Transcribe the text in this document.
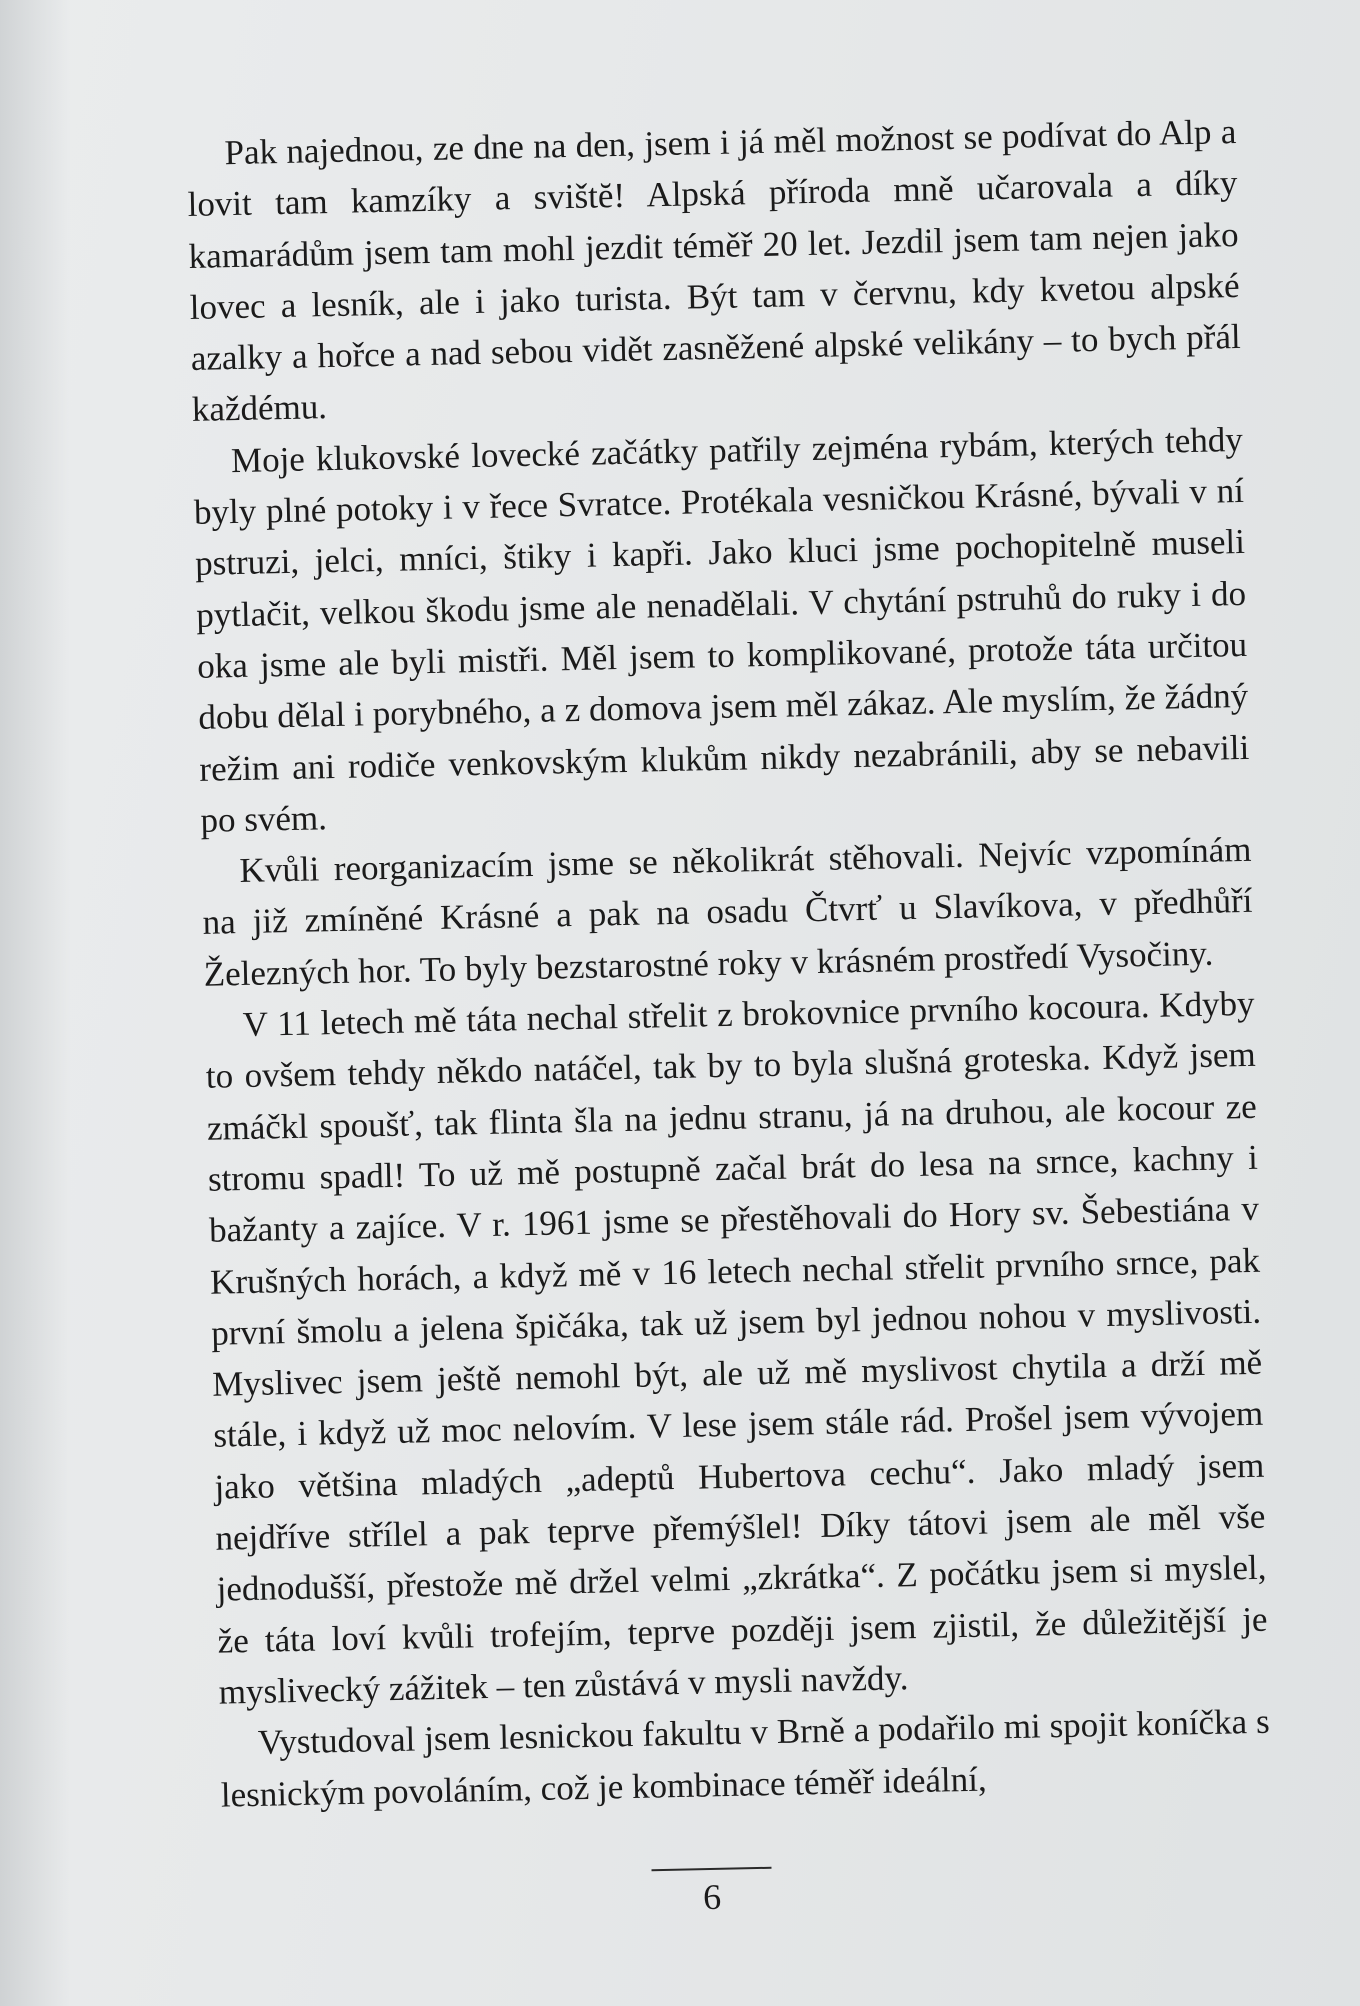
Pak najednou, ze dne na den, jsem i já měl možnost se podívat do Alp a lovit tam kamzíky a svištĕ! Alpská příroda mně učarovala a díky kamarádům jsem tam mohl jezdit téměř 20 let. Jezdil jsem tam nejen jako lovec a lesník, ale i jako turista. Být tam v červnu, kdy kvetou alpské azalky a hořce a nad sebou vidět zasněžené alpské velikány – to bych přál každému.

Moje klukovské lovecké začátky patřily zejména rybám, kterých tehdy byly plné potoky i v řece Svratce. Protékala vesničkou Krásné, bývali v ní pstruzi, jelci, mníci, štiky i kapři. Jako kluci jsme pochopitelně museli pytlačit, velkou škodu jsme ale nenadělali. V chytání pstruhů do ruky i do oka jsme ale byli mistři. Měl jsem to komplikované, protože táta určitou dobu dělal i porybného, a z domova jsem měl zákaz. Ale myslím, že žádný režim ani rodiče venkovským klukům nikdy nezabránili, aby se nebavili po svém.

Kvůli reorganizacím jsme se několikrát stěhovali. Nejvíc vzpomínám na již zmíněné Krásné a pak na osadu Čtvrť u Slavíkova, v předhůří Železných hor. To byly bezstarostné roky v krásném prostředí Vysočiny.

V 11 letech mě táta nechal střelit z brokovnice prvního kocoura. Kdyby to ovšem tehdy někdo natáčel, tak by to byla slušná groteska. Když jsem zmáčkl spoušť, tak flinta šla na jednu stranu, já na druhou, ale kocour ze stromu spadl! To už mě postupně začal brát do lesa na srnce, kachny i bažanty a zajíce. V r. 1961 jsme se přestěhovali do Hory sv. Šebestiána v Krušných horách, a když mě v 16 letech nechal střelit prvního srnce, pak první šmolu a jelena špičáka, tak už jsem byl jednou nohou v myslivosti. Myslivec jsem ještě nemohl být, ale už mě myslivost chytila a drží mě stále, i když už moc nelovím. V lese jsem stále rád. Prošel jsem vývojem jako většina mladých „adeptů Hubertova cechu“. Jako mladý jsem nejdříve střílel a pak teprve přemýšlel! Díky tátovi jsem ale měl vše jednodušší, přestože mě držel velmi „zkrátka“. Z počátku jsem si myslel, že táta loví kvůli trofejím, teprve později jsem zjistil, že důležitější je myslivecký zážitek – ten zůstává v mysli navždy.

Vystudoval jsem lesnickou fakultu v Brně a podařilo mi spojit koníčka s lesnickým povoláním, což je kombinace téměř ideální,

6
